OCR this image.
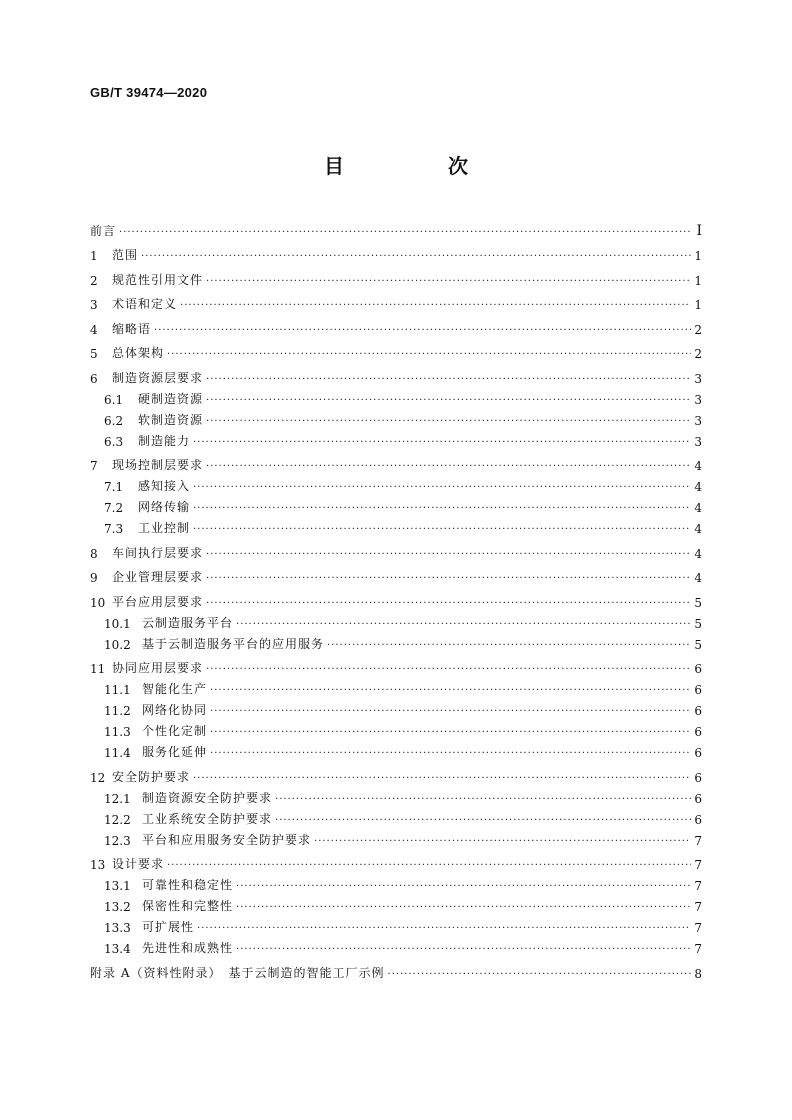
GB/T 39474—2020
目　次
前言 ·····	Ⅰ
1	范围 ·····	1
2	规范性引用文件 ·····	1
3	术语和定义 ·····	1
4	缩略语 ·····	2
5	总体架构 ·····	2
6	制造资源层要求 ·····	3
6.1	硬制造资源 ·····	3
6.2	软制造资源 ·····	3
6.3	制造能力 ·····	3
7	现场控制层要求 ·····	4
7.1	感知接入 ·····	4
7.2	网络传输 ·····	4
7.3	工业控制 ·····	4
8	车间执行层要求 ·····	4
9	企业管理层要求 ·····	4
10 平台应用层要求 ·····	5
10.1 云制造服务平台 ·····	5
10.2 基于云制造服务平台的应用服务 ·····	5
11 协同应用层要求 ·····	6
11.1 智能化生产 ·····	6
11.2 网络化协同 ·····	6
11.3 个性化定制 ·····	6
11.4 服务化延伸 ·····	6
12 安全防护要求 ·····	6
12.1 制造资源安全防护要求 ·····	6
12.2 工业系统安全防护要求 ·····	6
12.3 平台和应用服务安全防护要求 ·····	7
13 设计要求 ·····	7
13.1 可靠性和稳定性 ·····	7
13.2 保密性和完整性 ·····	7
13.3 可扩展性 ·····	7
13.4 先进性和成熟性 ·····	7
附录 A（资料性附录）　基于云制造的智能工厂示例 ·····	8
